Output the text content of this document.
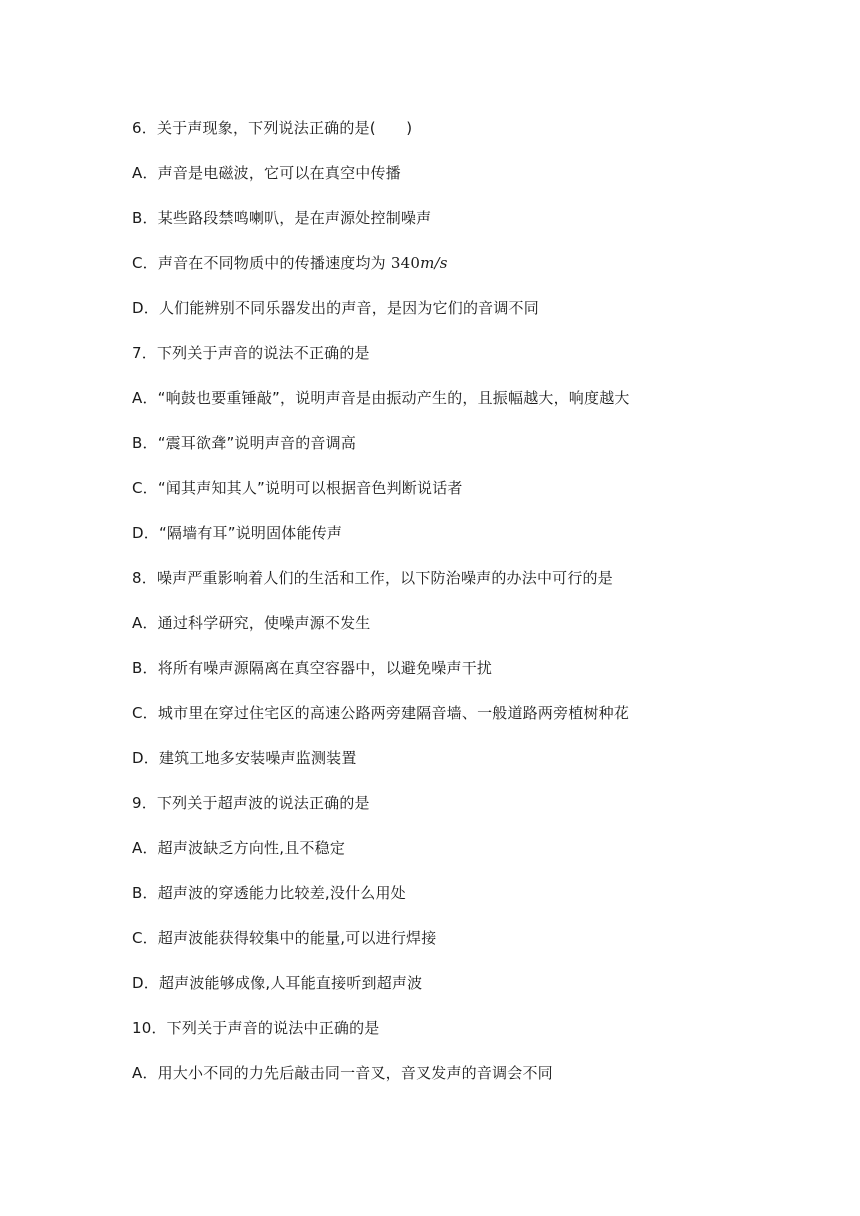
6．关于声现象，下列说法正确的是(　　)
A．声音是电磁波，它可以在真空中传播
B．某些路段禁鸣喇叭，是在声源处控制噪声
C．声音在不同物质中的传播速度均为 340m/s
D．人们能辨别不同乐器发出的声音，是因为它们的音调不同
7．下列关于声音的说法不正确的是
A．“响鼓也要重锤敲”，说明声音是由振动产生的，且振幅越大，响度越大
B．“震耳欲聋”说明声音的音调高
C．“闻其声知其人”说明可以根据音色判断说话者
D．“隔墙有耳”说明固体能传声
8．噪声严重影响着人们的生活和工作，以下防治噪声的办法中可行的是
A．通过科学研究，使噪声源不发生
B．将所有噪声源隔离在真空容器中，以避免噪声干扰
C．城市里在穿过住宅区的高速公路两旁建隔音墙、一般道路两旁植树种花
D．建筑工地多安装噪声监测装置
9．下列关于超声波的说法正确的是
A．超声波缺乏方向性,且不稳定
B．超声波的穿透能力比较差,没什么用处
C．超声波能获得较集中的能量,可以进行焊接
D．超声波能够成像,人耳能直接听到超声波
10．下列关于声音的说法中正确的是
A．用大小不同的力先后敲击同一音叉，音叉发声的音调会不同
